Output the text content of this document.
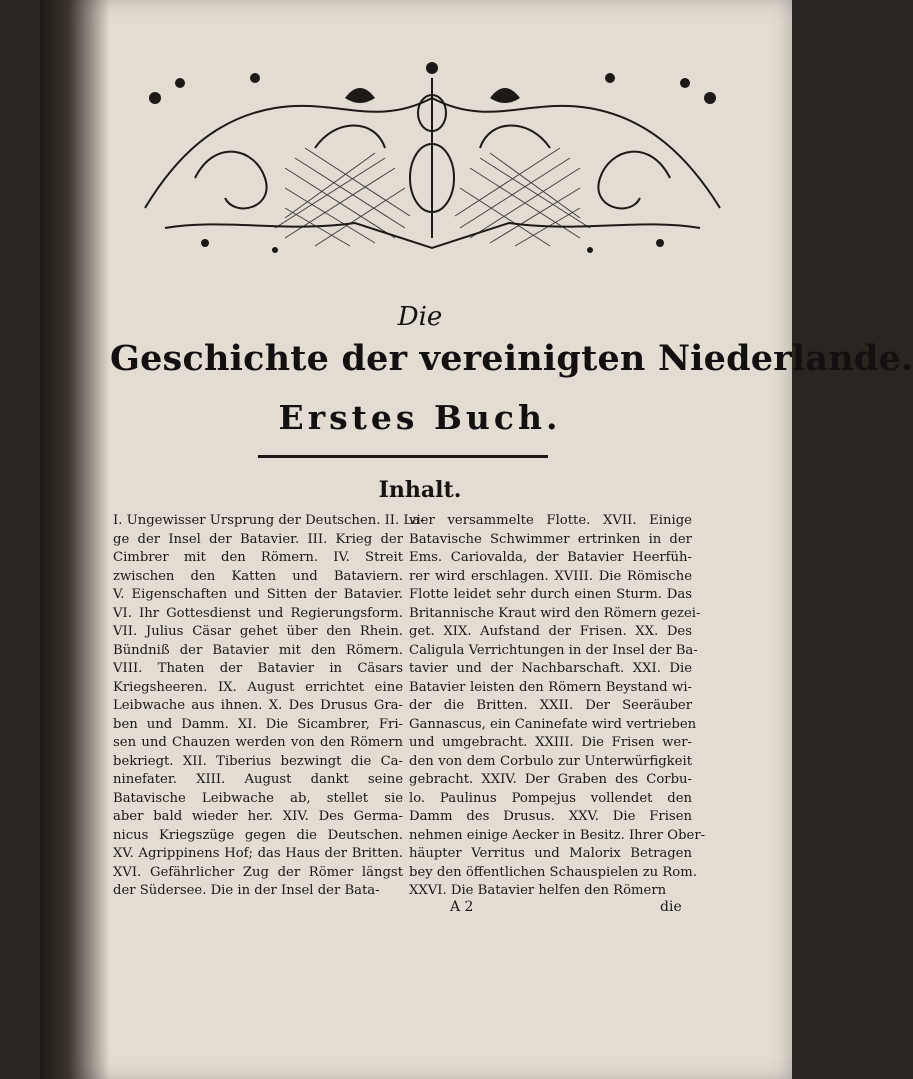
Die
Geschichte der vereinigten Niederlande.
Erstes Buch.
Inhalt.
I. Ungewisser Ursprung der Deutschen. II. La-
ge der Insel der Batavier. III. Krieg der
Cimbrer mit den Römern. IV. Streit
zwischen den Katten und Bataviern.
V. Eigenschaften und Sitten der Batavier.
VI. Ihr Gottesdienst und Regierungsform.
VII. Julius Cäsar gehet über den Rhein.
Bündniß der Batavier mit den Römern.
VIII. Thaten der Batavier in Cäsars
Kriegsheeren. IX. August errichtet eine
Leibwache aus ihnen. X. Des Drusus Gra-
ben und Damm. XI. Die Sicambrer, Fri-
sen und Chauzen werden von den Römern
bekriegt. XII. Tiberius bezwingt die Ca-
ninefater. XIII. August dankt seine
Batavische Leibwache ab, stellet sie
aber bald wieder her. XIV. Des Germa-
nicus Kriegszüge gegen die Deutschen.
XV. Agrippinens Hof; das Haus der Britten.
XVI. Gefährlicher Zug der Römer längst
der Südersee. Die in der Insel der Bata-
vier versammelte Flotte. XVII. Einige
Batavische Schwimmer ertrinken in der
Ems. Cariovalda, der Batavier Heerfüh-
rer wird erschlagen. XVIII. Die Römische
Flotte leidet sehr durch einen Sturm. Das
Britannische Kraut wird den Römern gezei-
get. XIX. Aufstand der Frisen. XX. Des
Caligula Verrichtungen in der Insel der Ba-
tavier und der Nachbarschaft. XXI. Die
Batavier leisten den Römern Beystand wi-
der die Britten. XXII. Der Seeräuber
Gannascus, ein Caninefate wird vertrieben
und umgebracht. XXIII. Die Frisen wer-
den von dem Corbulo zur Unterwürfigkeit
gebracht. XXIV. Der Graben des Corbu-
lo. Paulinus Pompejus vollendet den
Damm des Drusus. XXV. Die Frisen
nehmen einige Aecker in Besitz. Ihrer Ober-
häupter Verritus und Malorix Betragen
bey den öffentlichen Schauspielen zu Rom.
XXVI. Die Batavier helfen den Römern
A 2	die
